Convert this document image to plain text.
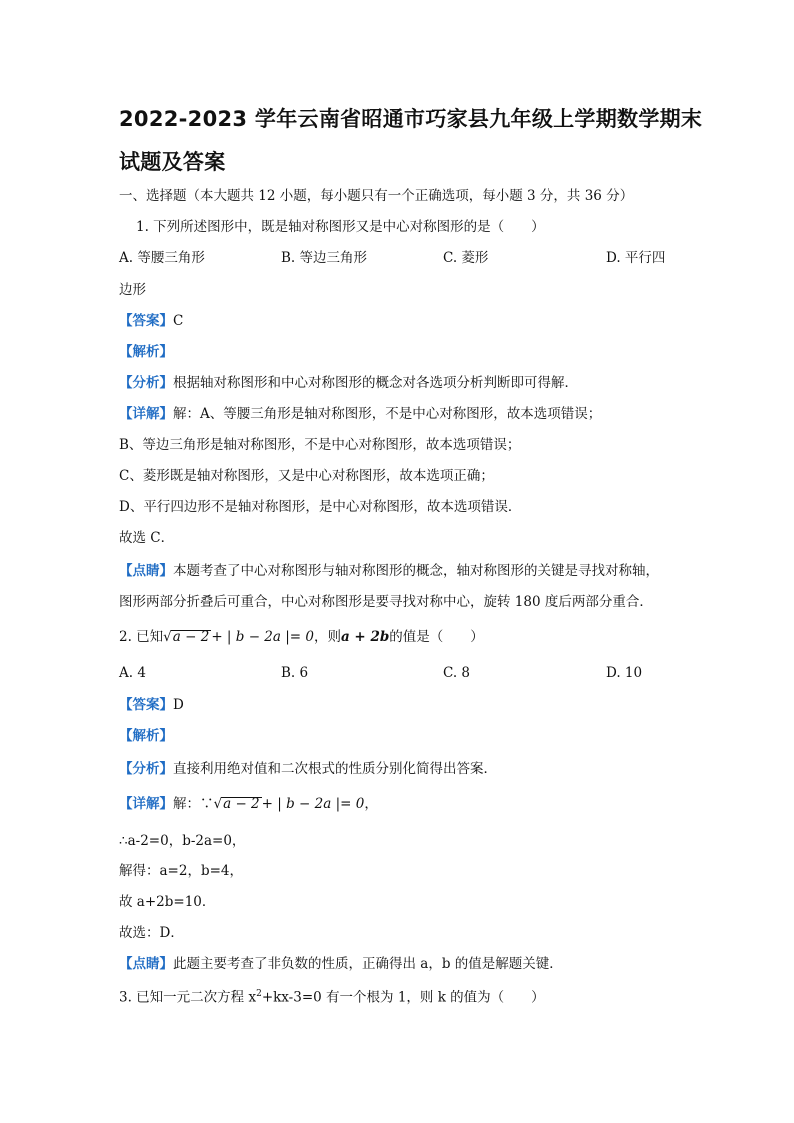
2022-2023 学年云南省昭通市巧家县九年级上学期数学期末
试题及答案
一、选择题（本大题共 12 小题，每小题只有一个正确选项，每小题 3 分，共 36 分）
1. 下列所述图形中，既是轴对称图形又是中心对称图形的是（　　）
A. 等腰三角形	B. 等边三角形	C. 菱形	D. 平行四
边形
【答案】C
【解析】
【分析】根据轴对称图形和中心对称图形的概念对各选项分析判断即可得解．
【详解】解：A、等腰三角形是轴对称图形，不是中心对称图形，故本选项错误；
B、等边三角形是轴对称图形，不是中心对称图形，故本选项错误；
C、菱形既是轴对称图形，又是中心对称图形，故本选项正确；
D、平行四边形不是轴对称图形，是中心对称图形，故本选项错误．
故选 C．
【点睛】本题考查了中心对称图形与轴对称图形的概念，轴对称图形的关键是寻找对称轴，
图形两部分折叠后可重合，中心对称图形是要寻找对称中心，旋转 180 度后两部分重合．
2. 已知√a − 2 + | b − 2a |= 0，则a + 2b的值是（　　）
A. 4	B. 6	C. 8	D. 10
【答案】D
【解析】
【分析】直接利用绝对值和二次根式的性质分别化简得出答案．
【详解】解：∵√a − 2 + | b − 2a |= 0，
∴a-2=0，b-2a=0，
解得：a=2，b=4，
故 a+2b=10．
故选：D．
【点睛】此题主要考查了非负数的性质，正确得出 a，b 的值是解题关键．
3. 已知一元二次方程 $x^2+kx-3=0$ 有一个根为 1，则 k 的值为（　　）
